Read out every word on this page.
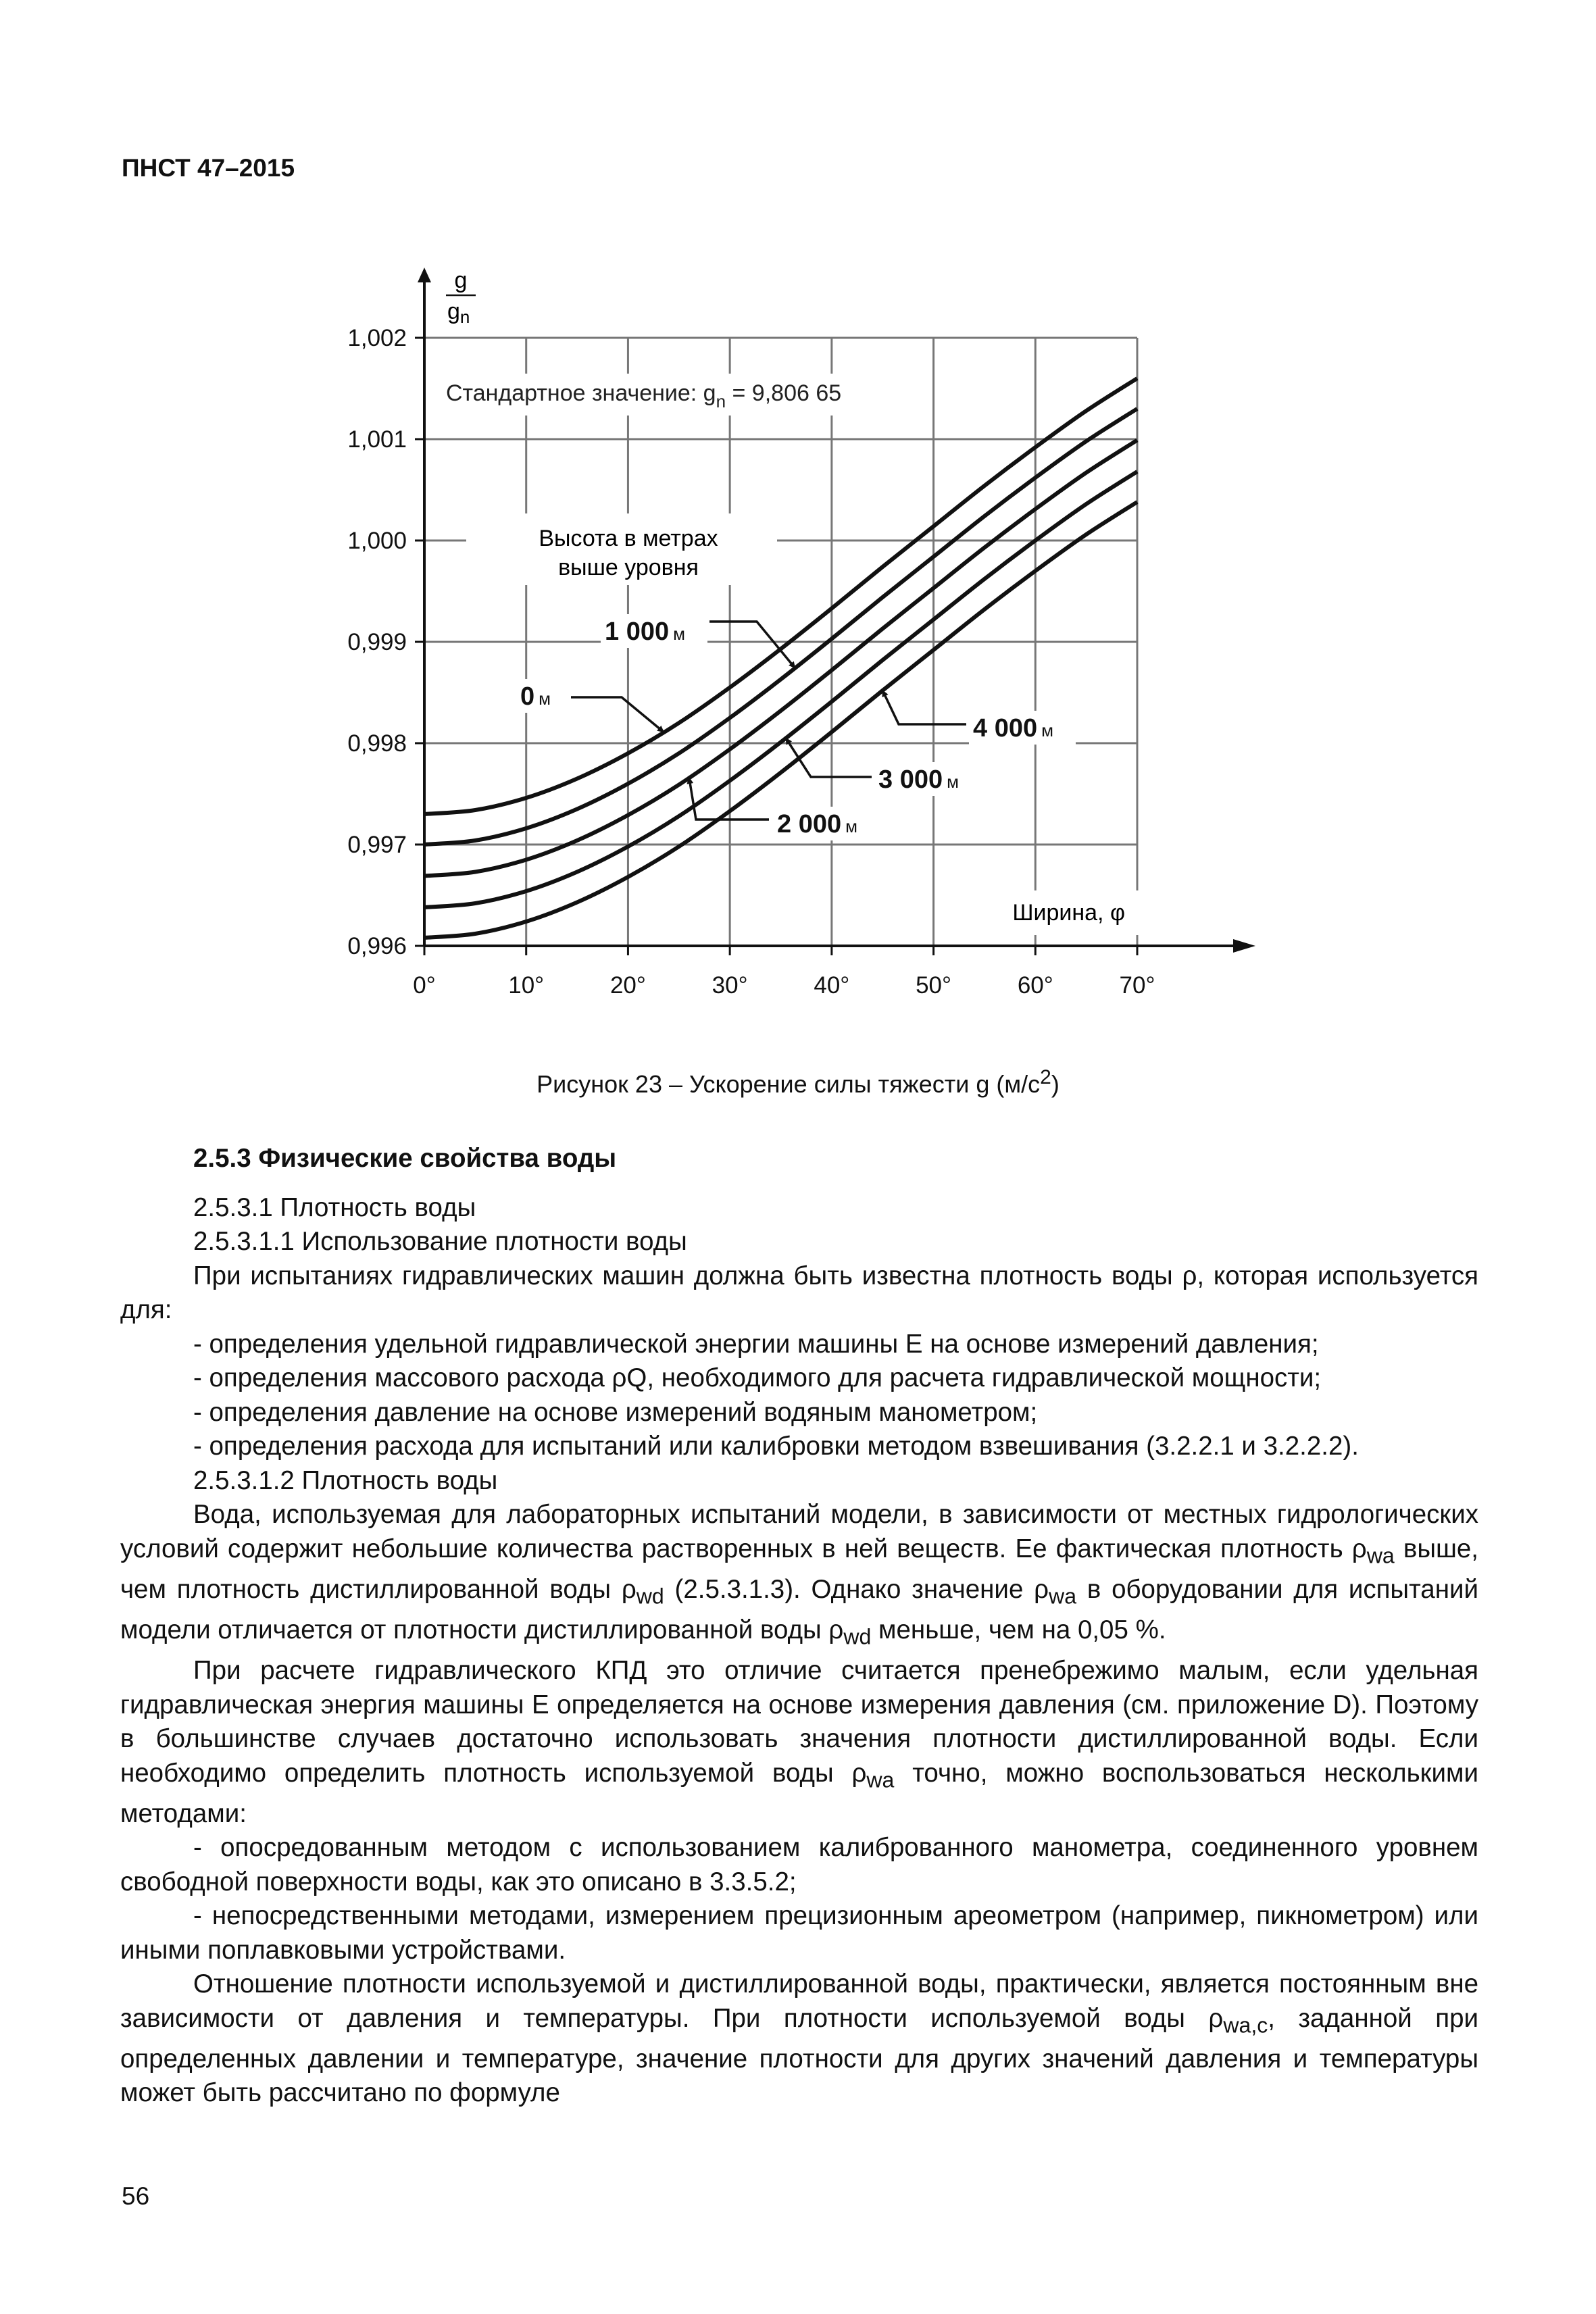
ПНСТ 47–2015
0,996
0,997
0,998
0,999
1,000
1,001
1,002
0°	10°	20°	30°	40°	50°	60°	70°
Стандартное значение: $g_n = 9,806$ 65
Высота в метрах
выше уровня
0 м
1 000 м
2 000 м
3 000 м
4 000 м
g
gn
Ширина, φ
Рисунок 23 – Ускорение силы тяжести g $(м/с^2)$

2.5.3 Физические свойства воды

2.5.3.1 Плотность воды

2.5.3.1.1 Использование плотности воды

При испытаниях гидравлических машин должна быть известна плотность воды ρ, которая используется для:

- определения удельной гидравлической энергии машины E на основе измерений давления;

- определения массового расхода ρQ, необходимого для расчета гидравлической мощности;

- определения давление на основе измерений водяным манометром;

- определения расхода для испытаний или калибровки методом взвешивания (3.2.2.1 и 3.2.2.2).

2.5.3.1.2 Плотность воды

Вода, используемая для лабораторных испытаний модели, в зависимости от местных гидрологических условий содержит небольшие количества растворенных в ней веществ. Ее фактическая плотность $\rho_{wa}$ выше, чем плотность дистиллированной воды $\rho_{wd}$ (2.5.3.1.3). Однако значение $\rho_{wa}$ в оборудовании для испытаний модели отличается от плотности дистиллированной воды $\rho_{wd}$ меньше, чем на 0,05 %.

При расчете гидравлического КПД это отличие считается пренебрежимо малым, если удельная гидравлическая энергия машины E определяется на основе измерения давления (см. приложение D). Поэтому в большинстве случаев достаточно использовать значения плотности дистиллированной воды. Если необходимо определить плотность используемой воды $\rho_{wa}$ точно, можно воспользоваться несколькими методами:

- опосредованным методом с использованием калиброванного манометра, соединенного уровнем свободной поверхности воды, как это описано в 3.3.5.2;

- непосредственными методами, измерением прецизионным ареометром (например, пикнометром) или иными поплавковыми устройствами.

Отношение плотности используемой и дистиллированной воды, практически, является постоянным вне зависимости от давления и температуры. При плотности используемой воды $\rho_{wa,c}$, заданной при определенных давлении и температуре, значение плотности для других значений давления и температуры может быть рассчитано по формуле

56
